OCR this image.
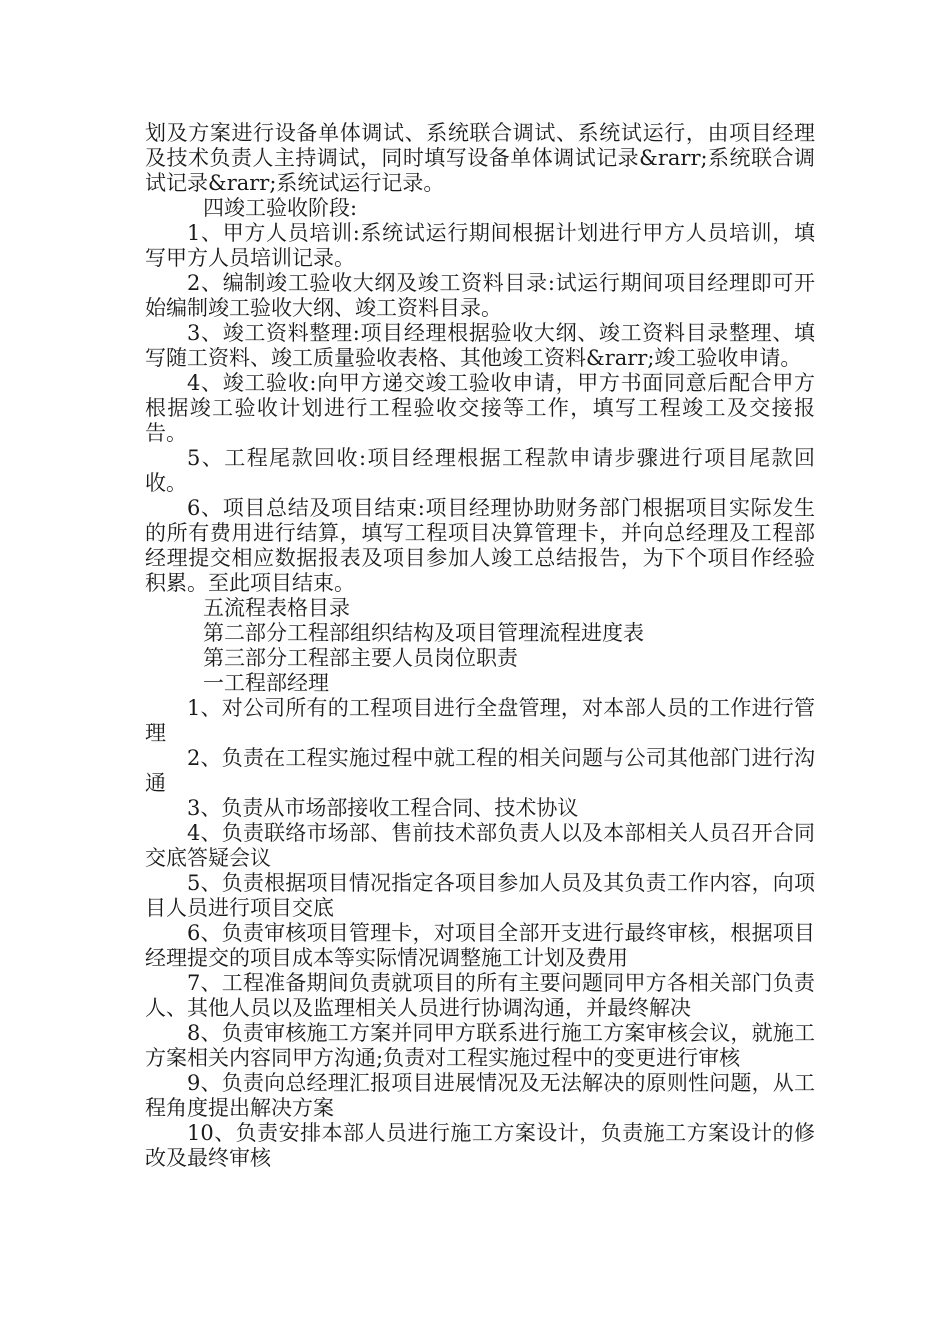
划及方案进行设备单体调试、系统联合调试、系统试运行，由项目经理及技术负责人主持调试，同时填写设备单体调试记录&rarr;系统联合调试记录&rarr;系统试运行记录。

四竣工验收阶段:

1、甲方人员培训:系统试运行期间根据计划进行甲方人员培训，填写甲方人员培训记录。

2、编制竣工验收大纲及竣工资料目录:试运行期间项目经理即可开始编制竣工验收大纲、竣工资料目录。

3、竣工资料整理:项目经理根据验收大纲、竣工资料目录整理、填写随工资料、竣工质量验收表格、其他竣工资料&rarr;竣工验收申请。

4、竣工验收:向甲方递交竣工验收申请，甲方书面同意后配合甲方根据竣工验收计划进行工程验收交接等工作，填写工程竣工及交接报告。

5、工程尾款回收:项目经理根据工程款申请步骤进行项目尾款回收。

6、项目总结及项目结束:项目经理协助财务部门根据项目实际发生的所有费用进行结算，填写工程项目决算管理卡，并向总经理及工程部经理提交相应数据报表及项目参加人竣工总结报告，为下个项目作经验积累。至此项目结束。

五流程表格目录

第二部分工程部组织结构及项目管理流程进度表

第三部分工程部主要人员岗位职责

一工程部经理

1、对公司所有的工程项目进行全盘管理，对本部人员的工作进行管理

2、负责在工程实施过程中就工程的相关问题与公司其他部门进行沟通

3、负责从市场部接收工程合同、技术协议

4、负责联络市场部、售前技术部负责人以及本部相关人员召开合同交底答疑会议

5、负责根据项目情况指定各项目参加人员及其负责工作内容，向项目人员进行项目交底

6、负责审核项目管理卡，对项目全部开支进行最终审核，根据项目经理提交的项目成本等实际情况调整施工计划及费用

7、工程准备期间负责就项目的所有主要问题同甲方各相关部门负责人、其他人员以及监理相关人员进行协调沟通，并最终解决

8、负责审核施工方案并同甲方联系进行施工方案审核会议，就施工方案相关内容同甲方沟通;负责对工程实施过程中的变更进行审核

9、负责向总经理汇报项目进展情况及无法解决的原则性问题，从工程角度提出解决方案

10、负责安排本部人员进行施工方案设计，负责施工方案设计的修改及最终审核
